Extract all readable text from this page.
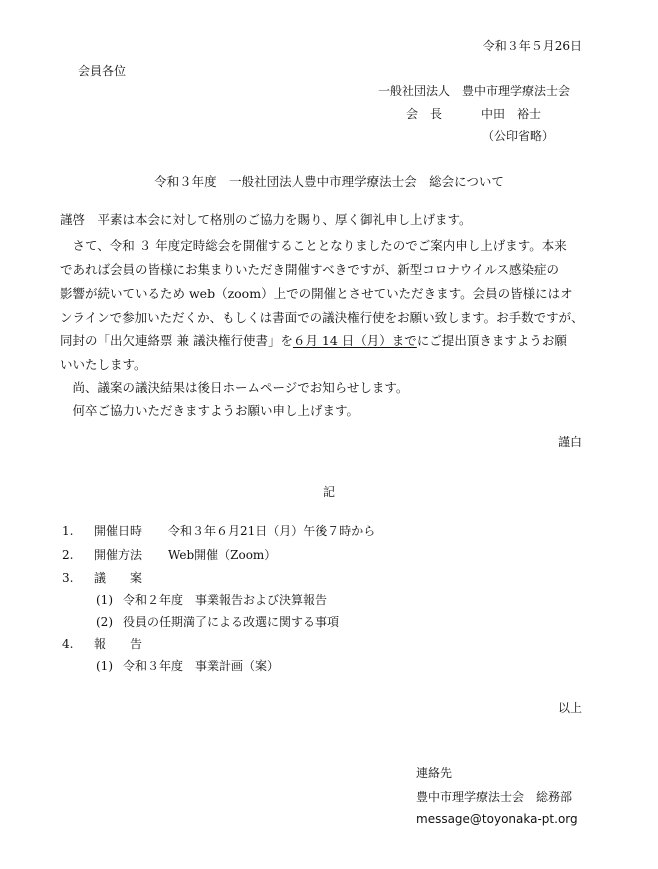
令和３年５月26日
会員各位
一般社団法人　豊中市理学療法士会
会　長	中田　裕士
（公印省略）
令和３年度　一般社団法人豊中市理学療法士会　総会について
謹啓　平素は本会に対して格別のご協力を賜り、厚く御礼申し上げます。
　さて、令和 ３ 年度定時総会を開催することとなりましたのでご案内申し上げます。本来
であれば会員の皆様にお集まりいただき開催すべきですが、新型コロナウイルス感染症の
影響が続いているため web（zoom）上での開催とさせていただきます。会員の皆様にはオ
ンラインで参加いただくか、もしくは書面での議決権行使をお願い致します。お手数ですが、
同封の「出欠連絡票 兼 議決権行使書」を６月 14 日（月）までにご提出頂きますようお願
いいたします。
　尚、議案の議決結果は後日ホームページでお知らせします。
　何卒ご協力いただきますようお願い申し上げます。
謹白
記
1. 開催日時 令和３年６月21日（月）午後７時から
2. 開催方法 Web開催（Zoom）
3. 議　　案
(1) 令和２年度　事業報告および決算報告
(2) 役員の任期満了による改選に関する事項
4. 報　　告
(1) 令和３年度　事業計画（案）
以上
連絡先
豊中市理学療法士会　総務部
message@toyonaka-pt.org
